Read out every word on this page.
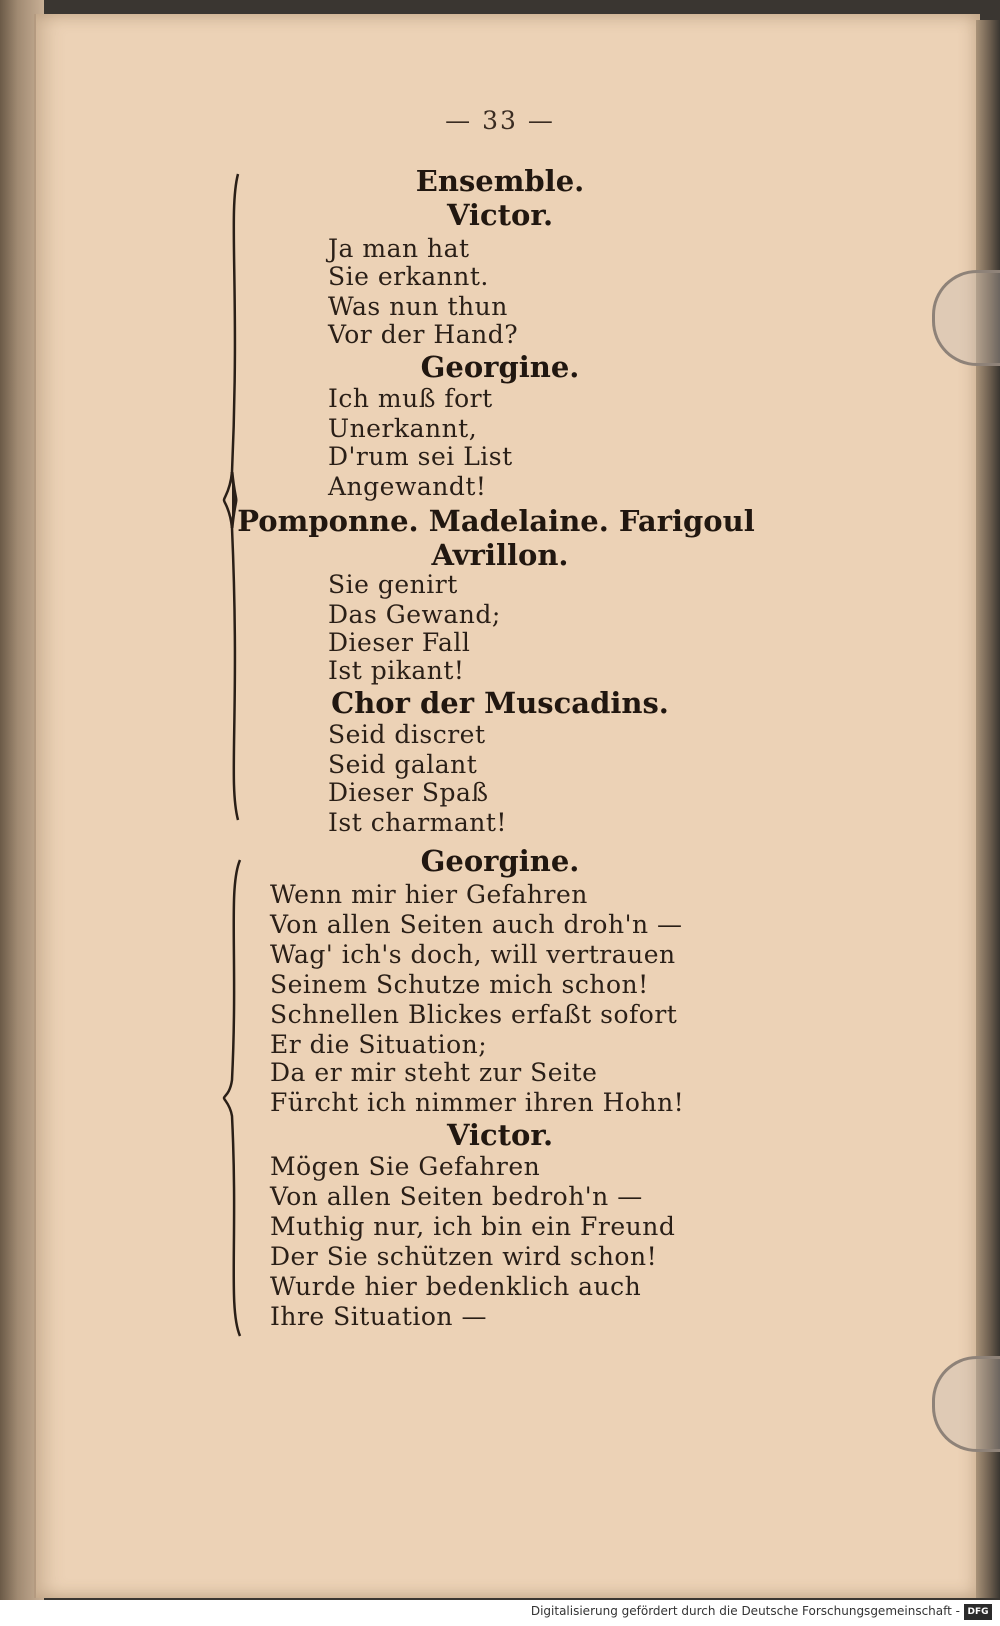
— 33 —
Ensemble.
Victor.
Ja man hat
Sie erkannt.
Was nun thun
Vor der Hand?
Georgine.
Ich muß fort
Unerkannt,
D'rum sei List
Angewandt!
Pomponne. Madelaine. Farigoul
Avrillon.
Sie genirt
Das Gewand;
Dieser Fall
Ist pikant!
Chor der Muscadins.
Seid discret
Seid galant
Dieser Spaß
Ist charmant!
Georgine.
Wenn mir hier Gefahren
Von allen Seiten auch droh'n —
Wag' ich's doch, will vertrauen
Seinem Schutze mich schon!
Schnellen Blickes erfaßt sofort
Er die Situation;
Da er mir steht zur Seite
Fürcht ich nimmer ihren Hohn!
Victor.
Mögen Sie Gefahren
Von allen Seiten bedroh'n —
Muthig nur, ich bin ein Freund
Der Sie schützen wird schon!
Wurde hier bedenklich auch
Ihre Situation —
Digitalisierung gefördert durch die Deutsche Forschungsgemeinschaft - DFG
